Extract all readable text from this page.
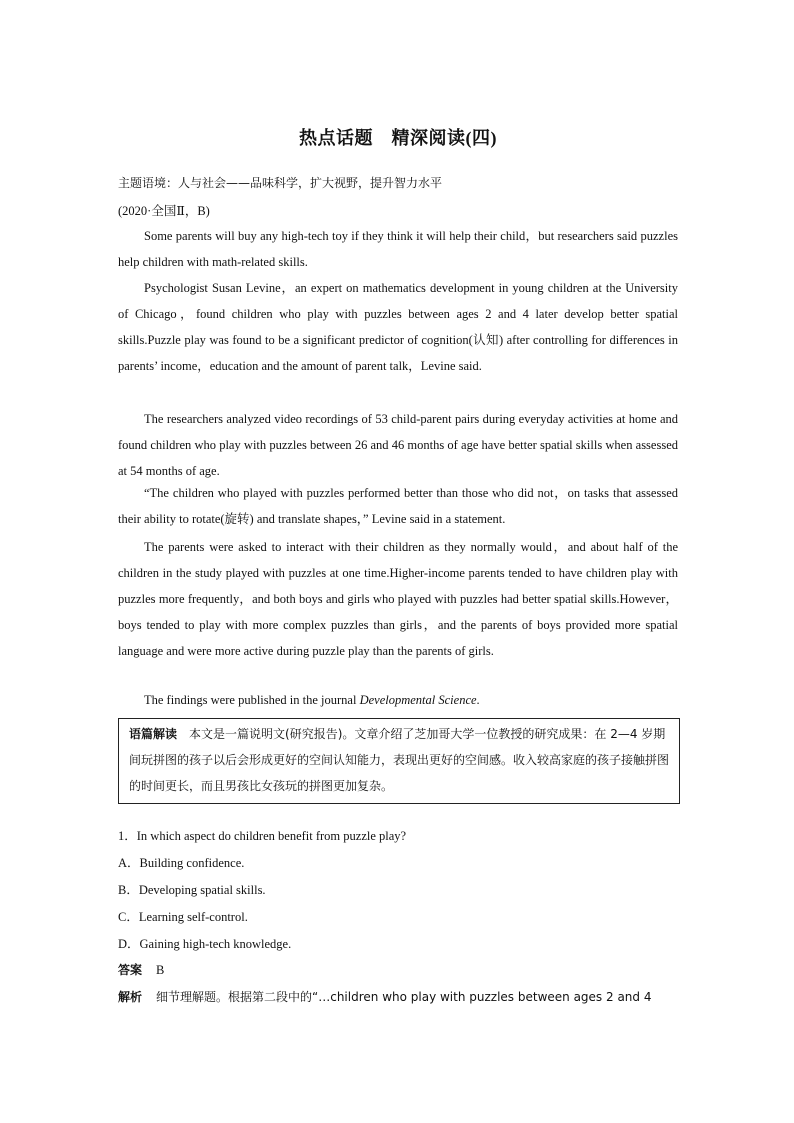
热点话题　精深阅读(四)
主题语境：人与社会——品味科学，扩大视野，提升智力水平
(2020·全国Ⅱ，B)
Some parents will buy any high-tech toy if they think it will help their child，but researchers said puzzles help children with math-related skills.
Psychologist Susan Levine，an expert on mathematics development in young children at the University of Chicago，found children who play with puzzles between ages 2 and 4 later develop better spatial skills.Puzzle play was found to be a significant predictor of cognition(认知) after controlling for differences in parents’ income，education and the amount of parent talk，Levine said.
The researchers analyzed video recordings of 53 child-parent pairs during everyday activities at home and found children who play with puzzles between 26 and 46 months of age have better spatial skills when assessed at 54 months of age.
“The children who played with puzzles performed better than those who did not，on tasks that assessed their ability to rotate(旋转) and translate shapes，” Levine said in a statement.
The parents were asked to interact with their children as they normally would，and about half of the children in the study played with puzzles at one time.Higher-income parents tended to have children play with puzzles more frequently，and both boys and girls who played with puzzles had better spatial skills.However，boys tended to play with more complex puzzles than girls，and the parents of boys provided more spatial language and were more active during puzzle play than the parents of girls.
The findings were published in the journal Developmental Science.
语篇解读 本文是一篇说明文(研究报告)。文章介绍了芝加哥大学一位教授的研究成果：在 2—4 岁期间玩拼图的孩子以后会形成更好的空间认知能力，表现出更好的空间感。收入较高家庭的孩子接触拼图的时间更长，而且男孩比女孩玩的拼图更加复杂。
1．In which aspect do children benefit from puzzle play?
A．Building confidence.
B．Developing spatial skills.
C．Learning self-control.
D．Gaining high-tech knowledge.
答案 B
解析 细节理解题。根据第二段中的“…children who play with puzzles between ages 2 and 4
